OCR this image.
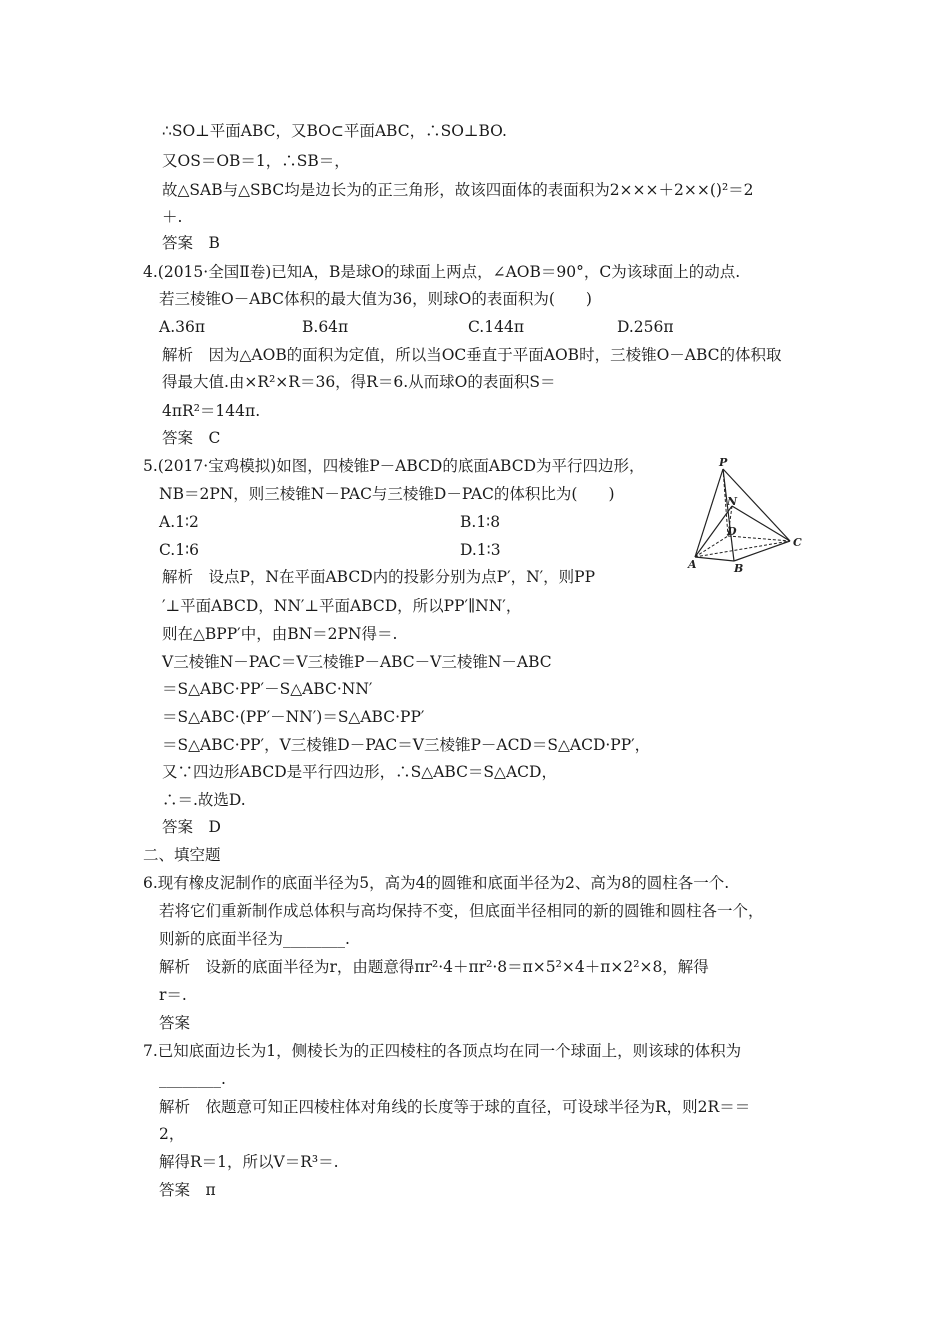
∴SO⊥平面ABC，又BO⊂平面ABC，∴SO⊥BO.
又OS＝OB＝1，∴SB＝，
故△SAB与△SBC均是边长为的正三角形，故该四面体的表面积为2×××＋2××()²＝2
＋.
答案　B
4.(2015·全国Ⅱ卷)已知A，B是球O的球面上两点，∠AOB＝90°，C为该球面上的动点.
若三棱锥O－ABC体积的最大值为36，则球O的表面积为(　　)
A.36π	B.64π	C.144π	D.256π
解析　因为△AOB的面积为定值，所以当OC垂直于平面AOB时，三棱锥O－ABC的体积取
得最大值.由×R²×R＝36，得R＝6.从而球O的表面积S＝
4πR²＝144π.
答案　C
5.(2017·宝鸡模拟)如图，四棱锥P－ABCD的底面ABCD为平行四边形，
NB＝2PN，则三棱锥N－PAC与三棱锥D－PAC的体积比为(　　)
A.1∶2	B.1∶8
C.1∶6	D.1∶3
解析　设点P，N在平面ABCD内的投影分别为点P′，N′，则PP
′⊥平面ABCD，NN′⊥平面ABCD，所以PP′∥NN′，
则在△BPP′中，由BN＝2PN得＝.
V三棱锥N－PAC＝V三棱锥P－ABC－V三棱锥N－ABC
＝S△ABC·PP′－S△ABC·NN′
＝S△ABC·(PP′－NN′)＝S△ABC·PP′
＝S△ABC·PP′，V三棱锥D－PAC＝V三棱锥P－ACD＝S△ACD·PP′，
又∵四边形ABCD是平行四边形，∴S△ABC＝S△ACD，
∴＝.故选D.
答案　D
二、填空题
6.现有橡皮泥制作的底面半径为5，高为4的圆锥和底面半径为2、高为8的圆柱各一个.
若将它们重新制作成总体积与高均保持不变，但底面半径相同的新的圆锥和圆柱各一个，
则新的底面半径为________.
解析　设新的底面半径为r，由题意得πr²·4＋πr²·8＝π×5²×4＋π×2²×8，解得
r＝.
答案
7.已知底面边长为1，侧棱长为的正四棱柱的各顶点均在同一个球面上，则该球的体积为
________.
解析　依题意可知正四棱柱体对角线的长度等于球的直径，可设球半径为R，则2R＝＝
2，
解得R＝1，所以V＝R³＝.
答案　π
P
N
D
C
A	B
